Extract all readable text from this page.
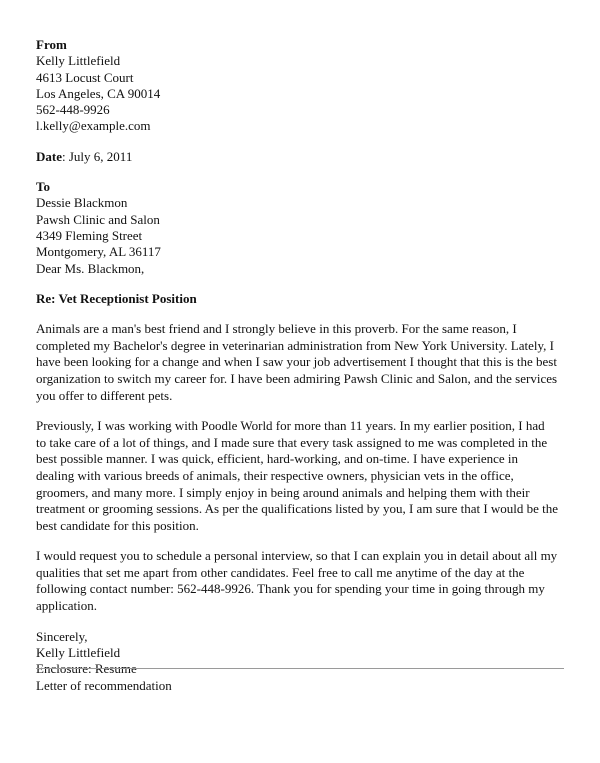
From
Kelly Littlefield
4613 Locust Court
Los Angeles, CA 90014
562-448-9926
l.kelly@example.com
Date: July 6, 2011
To
Dessie Blackmon
Pawsh Clinic and Salon
4349 Fleming Street
Montgomery, AL 36117
Dear Ms. Blackmon,
Re: Vet Receptionist Position

Animals are a man's best friend and I strongly believe in this proverb. For the same reason, I
completed my Bachelor's degree in veterinarian administration from New York University. Lately, I
have been looking for a change and when I saw your job advertisement I thought that this is the best
organization to switch my career for. I have been admiring Pawsh Clinic and Salon, and the services
you offer to different pets.

Previously, I was working with Poodle World for more than 11 years. In my earlier position, I had
to take care of a lot of things, and I made sure that every task assigned to me was completed in the
best possible manner. I was quick, efficient, hard-working, and on-time. I have experience in
dealing with various breeds of animals, their respective owners, physician vets in the office,
groomers, and many more. I simply enjoy in being around animals and helping them with their
treatment or grooming sessions. As per the qualifications listed by you, I am sure that I would be the
best candidate for this position.

I would request you to schedule a personal interview, so that I can explain you in detail about all my
qualities that set me apart from other candidates. Feel free to call me anytime of the day at the
following contact number: 562-448-9926. Thank you for spending your time in going through my
application.

Sincerely,
Kelly Littlefield
Enclosure: Resume
Letter of recommendation
